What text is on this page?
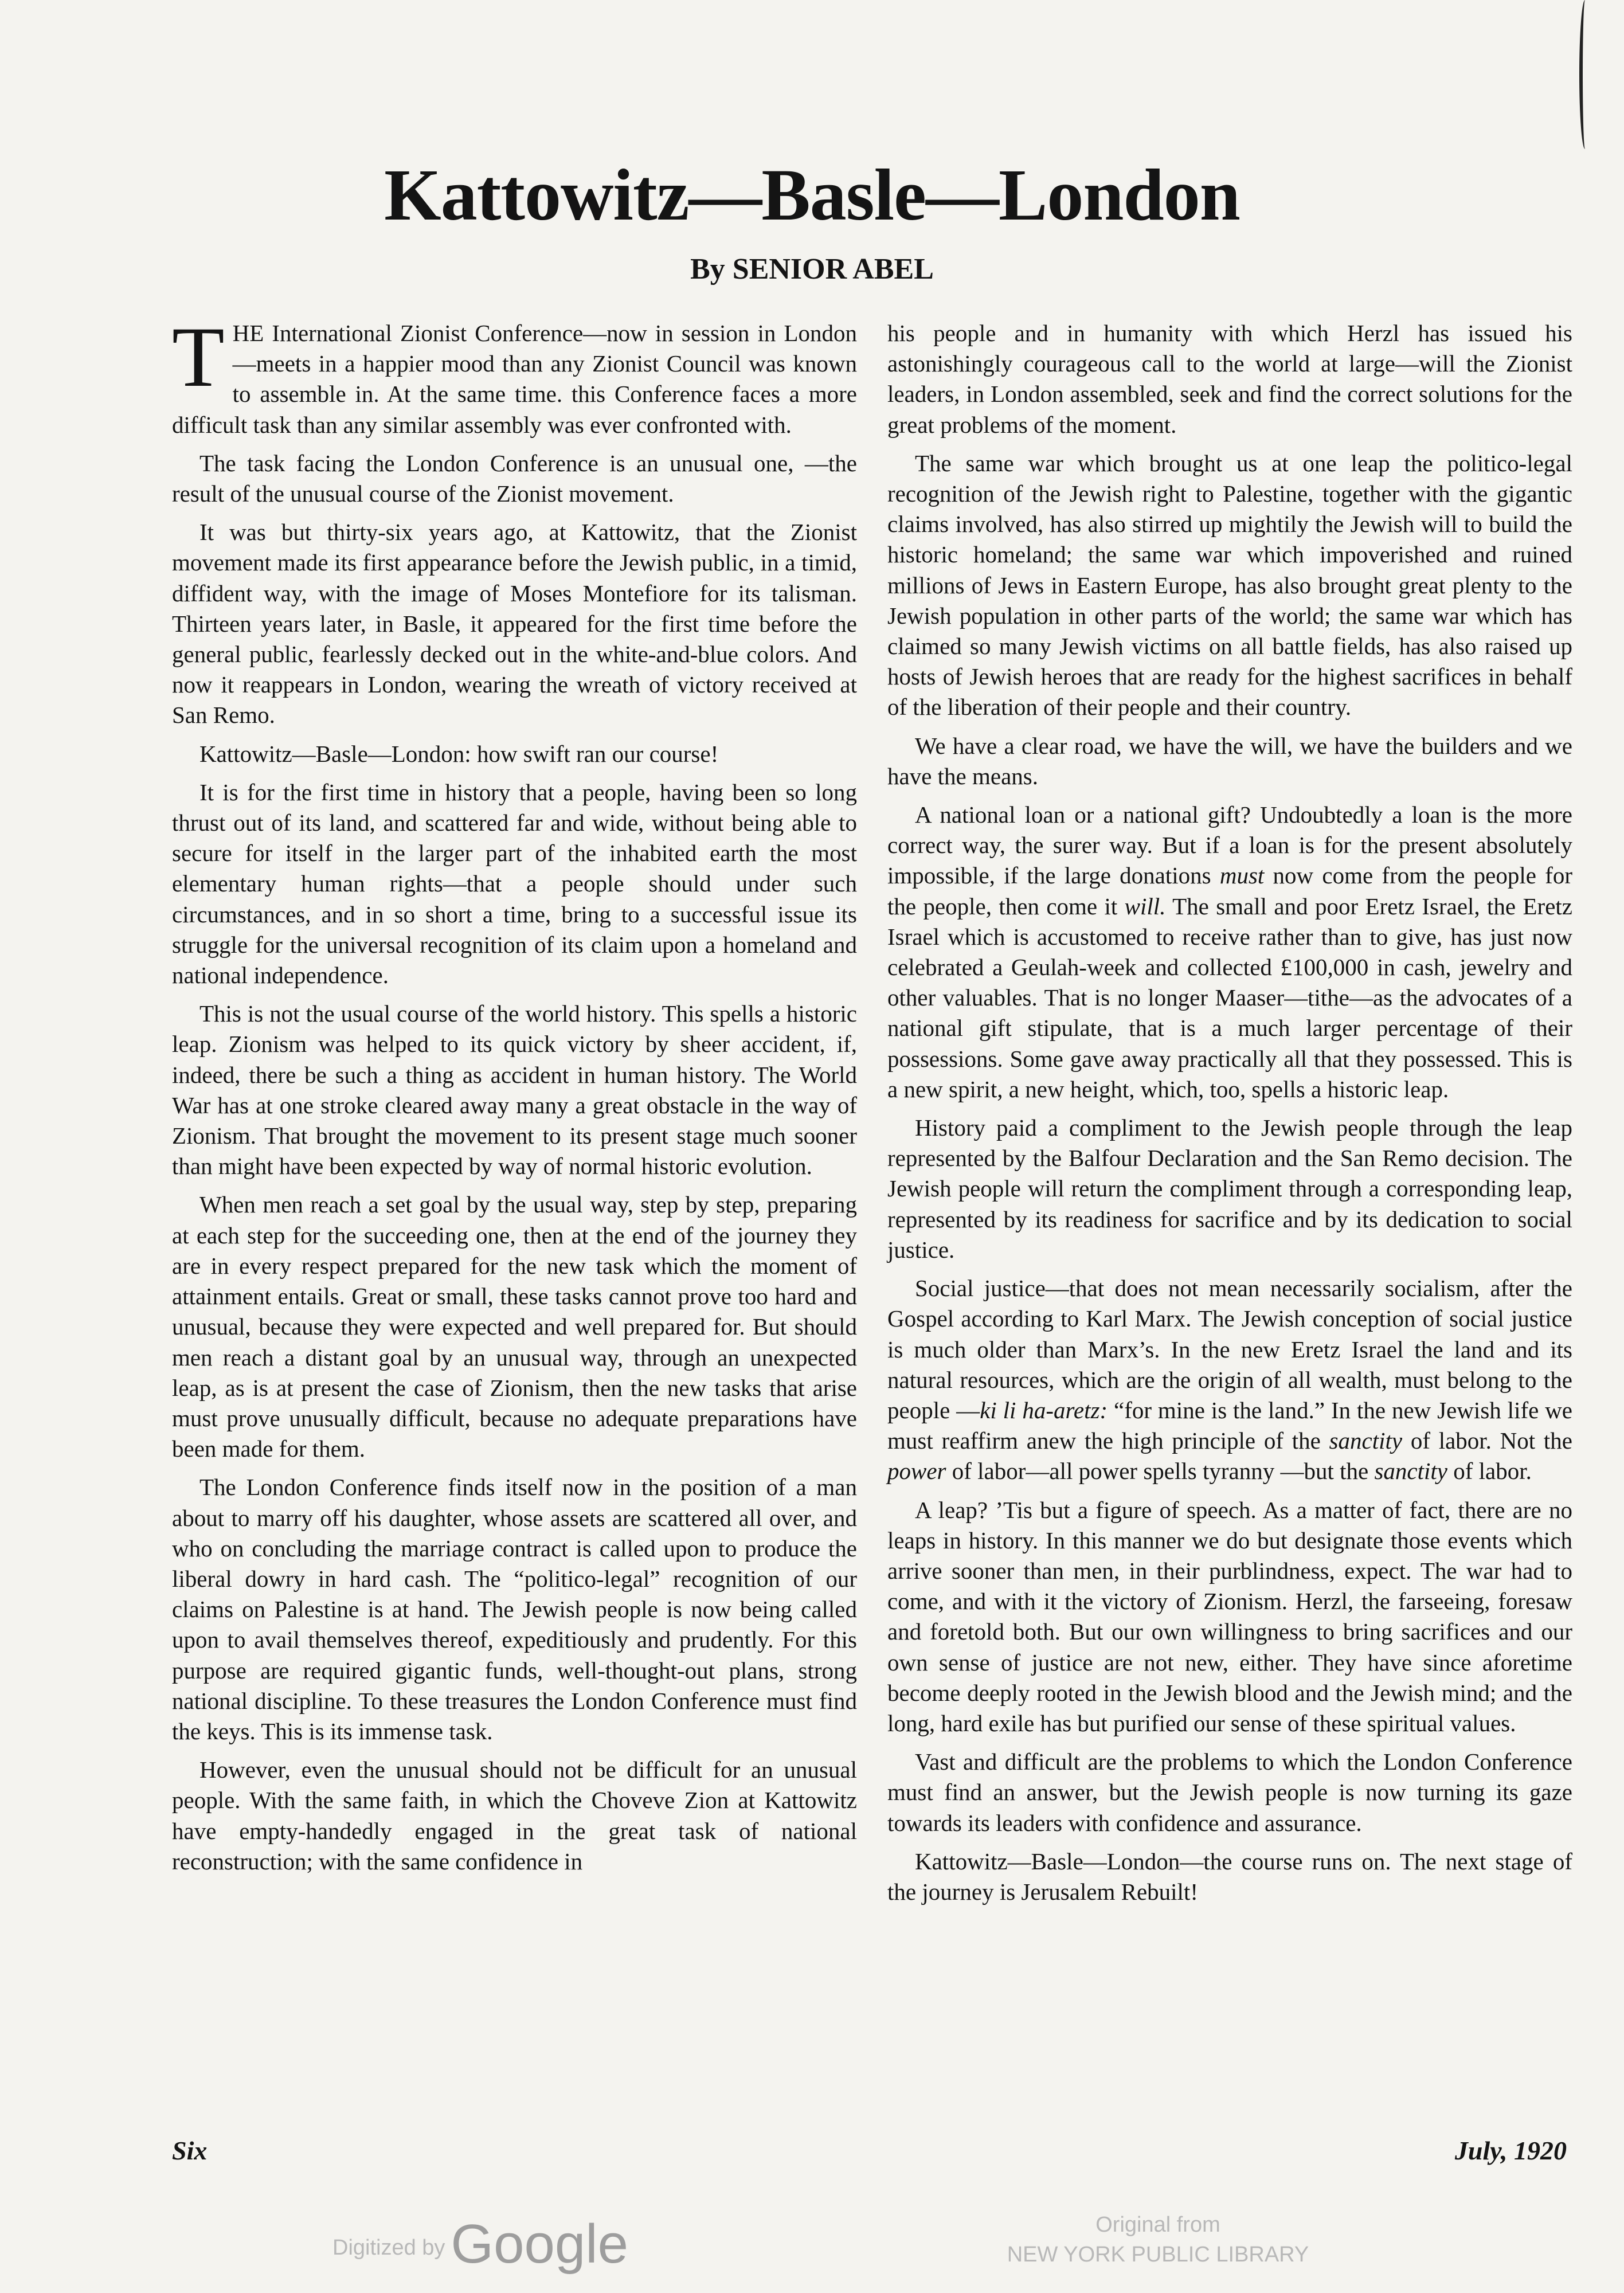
Kattowitz—Basle—London

By SENIOR ABEL

THE International Zionist Conference—now in session in London—meets in a happier mood than any Zionist Council was known to assemble in. At the same time. this Conference faces a more difficult task than any similar assembly was ever confronted with.

The task facing the London Conference is an unusual one, —the result of the unusual course of the Zionist movement.

It was but thirty-six years ago, at Kattowitz, that the Zionist movement made its first appearance before the Jewish public, in a timid, diffident way, with the image of Moses Montefiore for its talisman. Thirteen years later, in Basle, it appeared for the first time before the general public, fearlessly decked out in the white-and-blue colors. And now it reappears in London, wearing the wreath of victory received at San Remo.

Kattowitz—Basle—London: how swift ran our course!

It is for the first time in history that a people, having been so long thrust out of its land, and scattered far and wide, without being able to secure for itself in the larger part of the inhabited earth the most elementary human rights—that a people should under such circumstances, and in so short a time, bring to a successful issue its struggle for the universal recognition of its claim upon a homeland and national independence.

This is not the usual course of the world history. This spells a historic leap. Zionism was helped to its quick victory by sheer accident, if, indeed, there be such a thing as accident in human history. The World War has at one stroke cleared away many a great obstacle in the way of Zionism. That brought the movement to its present stage much sooner than might have been expected by way of normal historic evolution.

When men reach a set goal by the usual way, step by step, preparing at each step for the succeeding one, then at the end of the journey they are in every respect prepared for the new task which the moment of attainment entails. Great or small, these tasks cannot prove too hard and unusual, because they were expected and well prepared for. But should men reach a distant goal by an unusual way, through an unexpected leap, as is at present the case of Zionism, then the new tasks that arise must prove unusually difficult, because no adequate preparations have been made for them.

The London Conference finds itself now in the position of a man about to marry off his daughter, whose assets are scattered all over, and who on concluding the marriage contract is called upon to produce the liberal dowry in hard cash. The “politico-legal” recognition of our claims on Palestine is at hand. The Jewish people is now being called upon to avail themselves thereof, expeditiously and prudently. For this purpose are required gigantic funds, well-thought-out plans, strong national discipline. To these treasures the London Conference must find the keys. This is its immense task.

However, even the unusual should not be difficult for an unusual people. With the same faith, in which the Choveve Zion at Kattowitz have empty-handedly engaged in the great task of national reconstruction; with the same confidence in

his people and in humanity with which Herzl has issued his astonishingly courageous call to the world at large—will the Zionist leaders, in London assembled, seek and find the correct solutions for the great problems of the moment.

The same war which brought us at one leap the politico-legal recognition of the Jewish right to Palestine, together with the gigantic claims involved, has also stirred up mightily the Jewish will to build the historic homeland; the same war which impoverished and ruined millions of Jews in Eastern Europe, has also brought great plenty to the Jewish population in other parts of the world; the same war which has claimed so many Jewish victims on all battle fields, has also raised up hosts of Jewish heroes that are ready for the highest sacrifices in behalf of the liberation of their people and their country.

We have a clear road, we have the will, we have the builders and we have the means.

A national loan or a national gift? Undoubtedly a loan is the more correct way, the surer way. But if a loan is for the present absolutely impossible, if the large donations must now come from the people for the people, then come it will. The small and poor Eretz Israel, the Eretz Israel which is accustomed to receive rather than to give, has just now celebrated a Geulah-week and collected £100,000 in cash, jewelry and other valuables. That is no longer Maaser—tithe—as the advocates of a national gift stipulate, that is a much larger percentage of their possessions. Some gave away practically all that they possessed. This is a new spirit, a new height, which, too, spells a historic leap.

History paid a compliment to the Jewish people through the leap represented by the Balfour Declaration and the San Remo decision. The Jewish people will return the compliment through a corresponding leap, represented by its readiness for sacrifice and by its dedication to social justice.

Social justice—that does not mean necessarily socialism, after the Gospel according to Karl Marx. The Jewish conception of social justice is much older than Marx’s. In the new Eretz Israel the land and its natural resources, which are the origin of all wealth, must belong to the people —ki li ha-aretz: “for mine is the land.” In the new Jewish life we must reaffirm anew the high principle of the sanctity of labor. Not the power of labor—all power spells tyranny —but the sanctity of labor.

A leap? ’Tis but a figure of speech. As a matter of fact, there are no leaps in history. In this manner we do but designate those events which arrive sooner than men, in their purblindness, expect. The war had to come, and with it the victory of Zionism. Herzl, the farseeing, foresaw and foretold both. But our own willingness to bring sacrifices and our own sense of justice are not new, either. They have since aforetime become deeply rooted in the Jewish blood and the Jewish mind; and the long, hard exile has but purified our sense of these spiritual values.

Vast and difficult are the problems to which the London Conference must find an answer, but the Jewish people is now turning its gaze towards its leaders with confidence and assurance.

Kattowitz—Basle—London—the course runs on. The next stage of the journey is Jerusalem Rebuilt!

Six	July, 1920
Digitized by Google	Original from
NEW YORK PUBLIC LIBRARY
